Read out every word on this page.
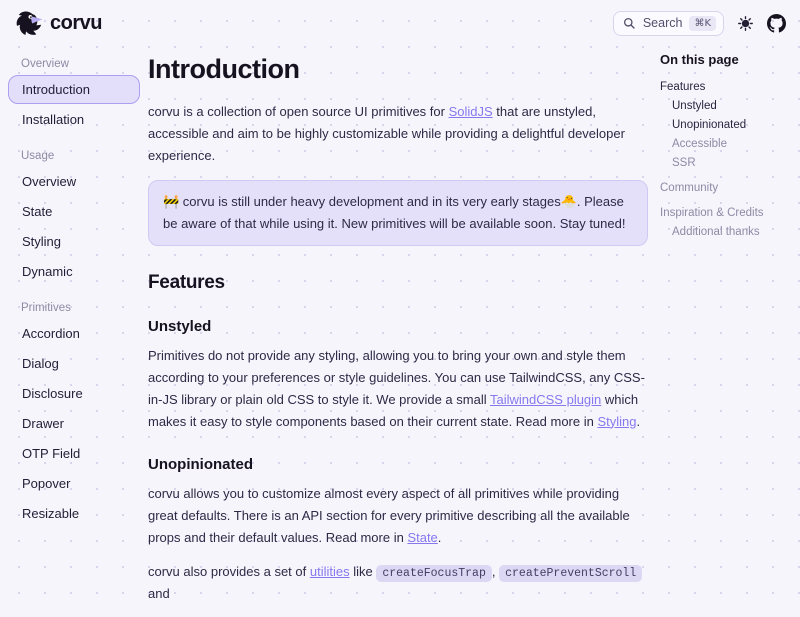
corvu	Search	⌘K
Overview
Introduction
Installation
Usage
Overview
State
Styling
Dynamic
Primitives
Accordion
Dialog
Disclosure
Drawer
OTP Field
Popover
Resizable
Introduction

corvu is a collection of open source UI primitives for SolidJS that are unstyled, accessible and aim to be highly customizable while providing a delightful developer experience.

🚧 corvu is still under heavy development and in its very early stages🐣. Please be aware of that while using it. New primitives will be available soon. Stay tuned!
Features
Unstyled

Primitives do not provide any styling, allowing you to bring your own and style them according to your preferences or style guidelines. You can use TailwindCSS, any CSS-in-JS library or plain old CSS to style it. We provide a small TailwindCSS plugin which makes it easy to style components based on their current state. Read more in Styling.

Unopinionated

corvu allows you to customize almost every aspect of all primitives while providing great defaults. There is an API section for every primitive describing all the available props and their default values. Read more in State.

corvu also provides a set of utilities like createFocusTrap , createPreventScroll and

On this page
Features
Unstyled
Unopinionated
Accessible
SSR
Community
Inspiration & Credits
Additional thanks
